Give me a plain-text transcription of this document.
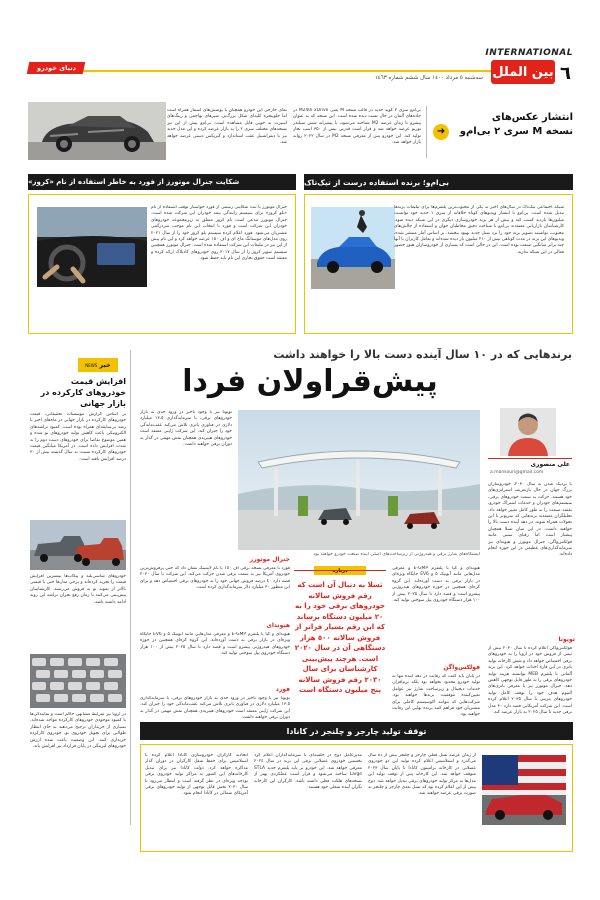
INTERNATIONAL
٦
بین الملل
سه‌شنبه ٥ مرداد ١٤٠٠ سال ششم شماره ١٤٦٣
دنیای خودرو
انتشار عکس‌های
نسخه M سری ۲ بی‌ام‌و
➜
بی‌ام‌و سری ۲ کوپه جدید در قالب نسخه M یعنی M240i xDrive در جاده‌های آلمان در حال تست دیده شده است. این نسخه که به عنوان پیشرو تا زمان عرضه M2 شناخته می‌شود، با پیشرانه شش سیلندر توربو عرضه خواهد شد و قرار است قدرتی بیش از ۳۵۰ اسب بخار تولید کند. این خودرو پس از معرفی نسخه M2 در سال ۲۰۲۲ روانه بازار خواهد شد.
نمای خارجی این خودرو همچنان با پوشش‌های استتار همراه است اما جلوپنجره کلیه‌ای شکل بزرگ‌تر، سپرهای تهاجمی و رینگ‌های اسپرت به خوبی قابل مشاهده است. بی‌ام‌و پیش از این نیز نسخه‌های مختلف سری ۲ را به بازار عرضه کرده و این مدل جدید نیز با دیفرانسیل ‌عقب استاندارد و گیربکس دستی عرضه خواهد شد.
بی‌ام‌و؛ برنده استفاده درست از تیک‌تاک
شبکه اجتماعی تیک‌تاک در سال‌های اخیر به یکی از محبوب‌ترین پلتفرم‌ها برای تبلیغات برندها تبدیل شده است. بی‌ام‌و با انتشار ویدیوهای کوتاه خلاقانه از سری ۱ جدید خود توانست میلیون‌ها بازدید کسب کند و بیش از هر برند خودروسازی دیگری در این شبکه دیده شود. کارشناسان بازاریابی معتقدند بی‌ام‌و با شناخت دقیق مخاطبان جوان و استفاده از چالش‌های محبوب، توانسته تصویر برند خود را نزد نسل جدید بهبود ببخشد. بر اساس آمار منتشر شده، ویدیوهای این برند در مدت کوتاهی بیش از ٢١٠ میلیون بار دیده شده‌اند و تعامل کاربران با آنها چند برابر میانگین صنعت بوده است. این در حالی است که بسیاری از خودروسازان هنوز حضور فعالی در این شبکه ندارند.
شکایت جنرال موتورز از فورد به خاطر استفاده از نام «کروز»
جنرال موتورز با ثبت شکایتی رسمی از فورد خواستار توقف استفاده از نام «بلو کروز» برای سیستم رانندگی نیمه خودران این شرکت شده است. جنرال موتورز مدعی است نام کروز متعلق به زیرمجموعه خودروهای خودران این شرکت است و فورد با انتخاب این نام موجب سردرگمی مشتریان می‌شود. فورد اعلام کرده سیستم بلو کروز خود را از سال ٢٠٢١ روی مدل‌های موستانگ ماخ ای و اف ١٥٠ عرضه خواهد کرد و این نام پیش از این نیز در تبلیغات این شرکت استفاده شده است. جنرال موتورز همچنین سیستم سوپر کروز را از سال ٢٠١٧ روی خودروهای کادیلاک ارائه کرده و معتقد است حقوق تجاری این نام باید حفظ شود.
خبر
NEWS
افزایش قیمت خودروهای کارکرده در بازار جهانی
بر اساس گزارش موسسات تحقیقاتی، قیمت خودروهای کارکرده در بازار جهانی در ماه‌های اخیر با رشد بی‌سابقه‌ای همراه بوده است. کمبود تراشه‌های الکترونیکی باعث کاهش تولید خودروهای نو شده و همین موضوع تقاضا برای خودروهای دست دوم را به شدت افزایش داده است. در آمریکا میانگین قیمت خودروهای کارکرده نسبت به سال گذشته بیش از ٣٠ درصد افزایش یافته است.
خودروهای شاسی‌بلند و پیکاپ‌ها بیشترین افزایش قیمت را تجربه کرده‌اند و برخی مدل‌ها حتی با قیمتی بالاتر از نمونه نو به فروش می‌رسند. کارشناسان پیش‌بینی می‌کنند تا زمان رفع بحران تراشه این روند ادامه داشته باشد.
در اروپا نیز شرایط مشابهی حاکم است و نمایندگی‌ها با کمبود موجودی خودروهای کارکرده مواجه شده‌اند. بسیاری از خریداران ترجیح می‌دهند به جای انتظار طولانی برای تحویل خودروی نو، خودروی کارکرده خریداری کنند. این وضعیت باعث شده ارزش خودروهای لیزینگی در پایان قرارداد نیز افزایش یابد.
برندهایی که در ١٠ سال آینده دست بالا را خواهند داشت
پیش‌قراولان فردا
علی منصوری
a.mansouri@gmail.com
با نزدیک شدن به سال ٢٠٣٠، خودروسازان بزرگ جهان در حال بازتعریف استراتژی‌های خود هستند. حرکت به سمت خودروهای برقی، سیستم‌های خودران و خدمات اشتراک خودرو، نقشه صنعت را به طور کامل تغییر خواهد داد. تحلیلگران معتقدند برندهایی که سریع‌تر با این تحولات همراه شوند، در دهه آینده دست بالا را خواهند داشت. در این میان تسلا همچنان پیشتاز است اما رقبای سنتی مانند فولکس‌واگن، جنرال موتورز و هیوندای نیز سرمایه‌گذاری‌های عظیمی در این حوزه انجام داده‌اند.
تویوتا نیز با وجود تاخیر در ورود جدی به بازار خودروهای برقی، با سرمایه‌گذاری ١٣.٥ میلیارد دلاری در فناوری باتری تلاش می‌کند عقب‌ماندگی خود را جبران کند. این شرکت ژاپنی معتقد است خودروهای هیبریدی همچنان نقش مهمی در گذار به دوران برقی خواهند داشت.
ایستگاه‌های شارژ برقی و هیدروژنی از زیرساخت‌های اصلی آینده صنعت خودرو خواهند بود
تویوتا
فولکس‌واگن اعلام کرده تا سال ٢٠٣٠ بیش از نیمی از فروش خود در اروپا را به خودروهای برقی اختصاص خواهد داد و شش کارخانه تولید باتری در این قاره احداث خواهد کرد. این برند آلمانی با پلتفرم MEB توانسته هزینه تولید خودروهای برقی را به طور قابل توجهی کاهش دهد. جنرال موتورز نیز با معرفی باتری‌های التیوم هدف خود را توقف کامل تولید خودروهای بنزینی تا سال ٢٠٣٥ اعلام کرده است. این شرکت آمریکایی قصد دارد ٣٠ مدل برقی جدید تا سال ٢٠٢٥ به بازار عرضه کند.
هیوندای و کیا با پلتفرم E-GMP و معرفی مدل‌هایی مانند آیونیک ۵ و EV6 جایگاه ویژه‌ای در بازار برقی به دست آورده‌اند. این گروه کره‌ای همچنین در حوزه خودروهای هیدروژنی پیشرو است و قصد دارد تا سال ٢٠٢٥ بیش از ١٠٠ هزار دستگاه خودروی پیل سوختی تولید کند.
فولکس‌واگن
در پایان باید گفت که رقابت در دهه آینده تنها به تولید خودرو محدود نخواهد بود بلکه نرم‌افزار، خدمات دیجیتال و زیرساخت شارژ نیز عوامل تعیین‌کننده موفقیت برندها خواهند بود. شرکت‌هایی که بتوانند اکوسیستم کاملی برای مشتریان خود فراهم کنند برنده نهایی این رقابت خواهند بود.
تسلا به دنبال آن است که رقم فروش سالانه خودروهای برقی خود را به ٢٠ میلیون دستگاه برساند که این رقم بسیار فراتر از فروش سالانه ٥٠٠ هزار دستگاهی آن در سال ٢٠٢٠ است. هرچند پیش‌بینی کارشناسان برای سال ٢٠٣٠ رقم فروش سالانه پنج میلیون دستگاه است
جنرال موتورز
فورد با معرفی نسخه برقی اف ١٥٠ با نام لایتنینگ نشان داد که حتی پرفروش‌ترین خودروی آمریکا نیز به سمت برقی شدن حرکت می‌کند. این شرکت تا سال ٢٠٣٠ قصد دارد ٤٠ درصد فروش جهانی خود را به خودروهای برقی اختصاص دهد و برای این منظور ٣٠ میلیارد دلار سرمایه‌گذاری کرده است.
هیوندای
هیوندای و کیا با پلتفرم E-GMP و معرفی مدل‌هایی مانند آیونیک ۵ و EV6 جایگاه ویژه‌ای در بازار برقی به دست آورده‌اند. این گروه کره‌ای همچنین در حوزه خودروهای هیدروژنی پیشرو است و قصد دارد تا سال ٢٠٢٥ بیش از ١٠٠ هزار دستگاه خودروی پیل سوختی تولید کند.
فورد
تویوتا نیز با وجود تاخیر در ورود جدی به بازار خودروهای برقی، با سرمایه‌گذاری ١٣.٥ میلیارد دلاری در فناوری باتری تلاش می‌کند عقب‌ماندگی خود را جبران کند. این شرکت ژاپنی معتقد است خودروهای هیبریدی همچنان نقش مهمی در گذار به دوران برقی خواهند داشت.
توقف تولید چارجر و چلنجر در کانادا
از زمان عرضه نسل فعلی چارجر و چلنجر بیش از ده سال می‌گذرد و استلانتیس اعلام کرده تولید این دو خودروی عضلانی در کارخانه برامپتون کانادا تا پایان سال ٢٠٢٣ متوقف خواهد شد. این کارخانه پس از توقف تولید این مدل‌ها به مرکز تولید خودروهای برقی تبدیل خواهد شد. دوج پیش از این اعلام کرده بود که نسل بعدی چارجر و چلنجر به صورت برقی عرضه خواهند شد.
مدیرعامل دوج در جلسه‌ای با سرمایه‌گذاران اعلام کرد نخستین خودروی عضلانی برقی این برند در سال ٢٠٢٤ معرفی خواهد شد. این خودرو بر پایه پلتفرم جدید STLA Large ساخته می‌شود و قرار است عملکردی بهتر از نسخه‌های هلکت فعلی داشته باشد. کارگران این کارخانه نگران آینده شغلی خود هستند.
اتحادیه کارگران خودروسازی کانادا اعلام کرده با استلانتیس برای حفظ شغل کارگران در دوران گذار مذاکره خواهد کرد. دولت کانادا نیز برای تبدیل کارخانه‌های این کشور به مراکز تولید خودروی برقی بودجه ویژه‌ای در نظر گرفته است و انتظار می‌رود تا سال ٢٠٣٠ بخش قابل توجهی از تولید خودروهای برقی آمریکای شمالی در کانادا انجام شود.
